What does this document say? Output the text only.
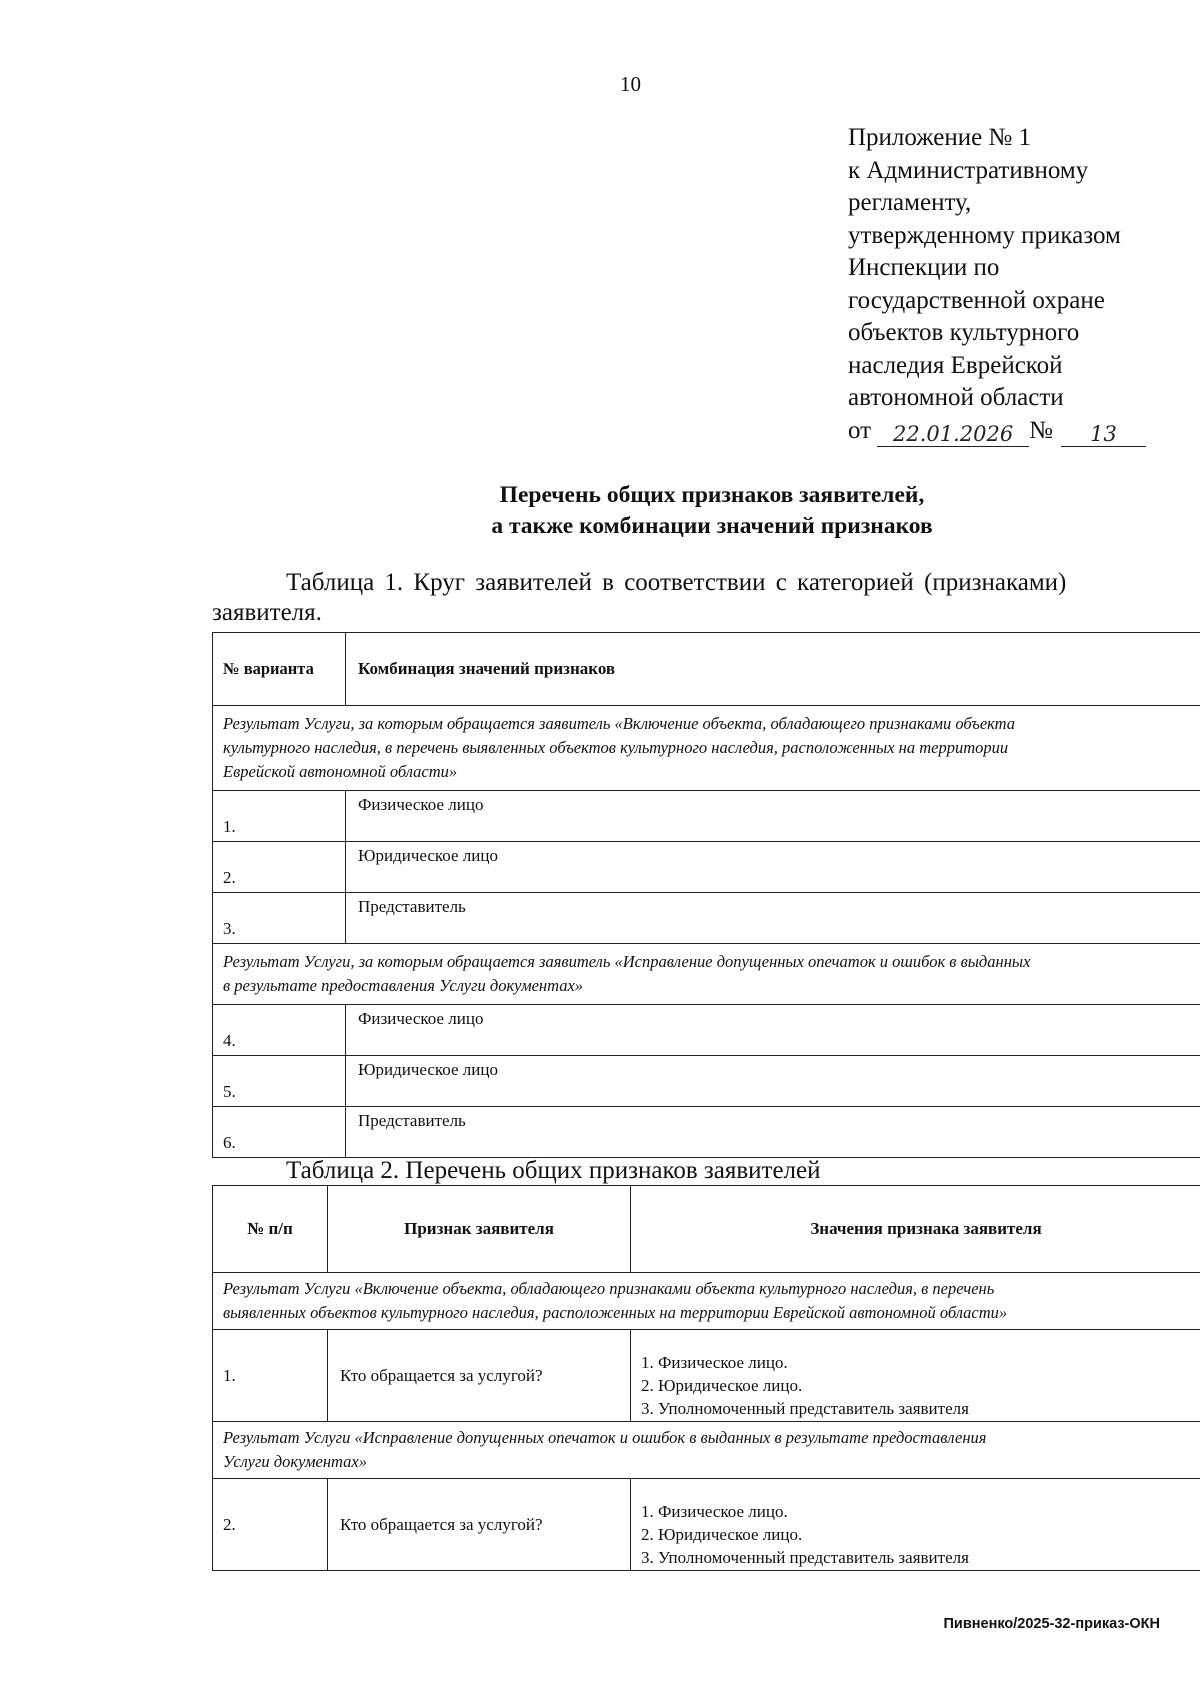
10
Приложение № 1
к Административному
регламенту,
утвержденному приказом
Инспекции по
государственной охране
объектов культурного
наследия Еврейской
автономной области
от	22.01.2026 №	13
Перечень общих признаков заявителей,
а также комбинации значений признаков
Таблица 1. Круг заявителей в соответствии с категорией (признаками)
заявителя.
№ варианта	Комбинация значений признаков

Результат Услуги, за которым обращается заявитель «Включение объекта, обладающего признаками объекта
культурного наследия, в перечень выявленных объектов культурного наследия, расположенных на территории
Еврейской автономной области»	

1.	Физическое лицо
2.	Юридическое лицо
3.	Представитель

Результат Услуги, за которым обращается заявитель «Исправление допущенных опечаток и ошибок в выданных
в результате предоставления Услуги документах»	

4.	Физическое лицо
5.	Юридическое лицо
6.	Представитель
Таблица 2. Перечень общих признаков заявителей
№ п/п	Признак заявителя	Значения признака заявителя

Результат Услуги «Включение объекта, обладающего признаками объекта культурного наследия, в перечень
выявленных объектов культурного наследия, расположенных на территории Еврейской автономной области»		

1.	Кто обращается за услугой?	1. Физическое лицо.
2. Юридическое лицо.
3. Уполномоченный представитель заявителя

Результат Услуги «Исправление допущенных опечаток и ошибок в выданных в результате предоставления
Услуги документах»		

2.	Кто обращается за услугой?	1. Физическое лицо.
2. Юридическое лицо.
3. Уполномоченный представитель заявителя
Пивненко/2025-32-приказ-ОКН
